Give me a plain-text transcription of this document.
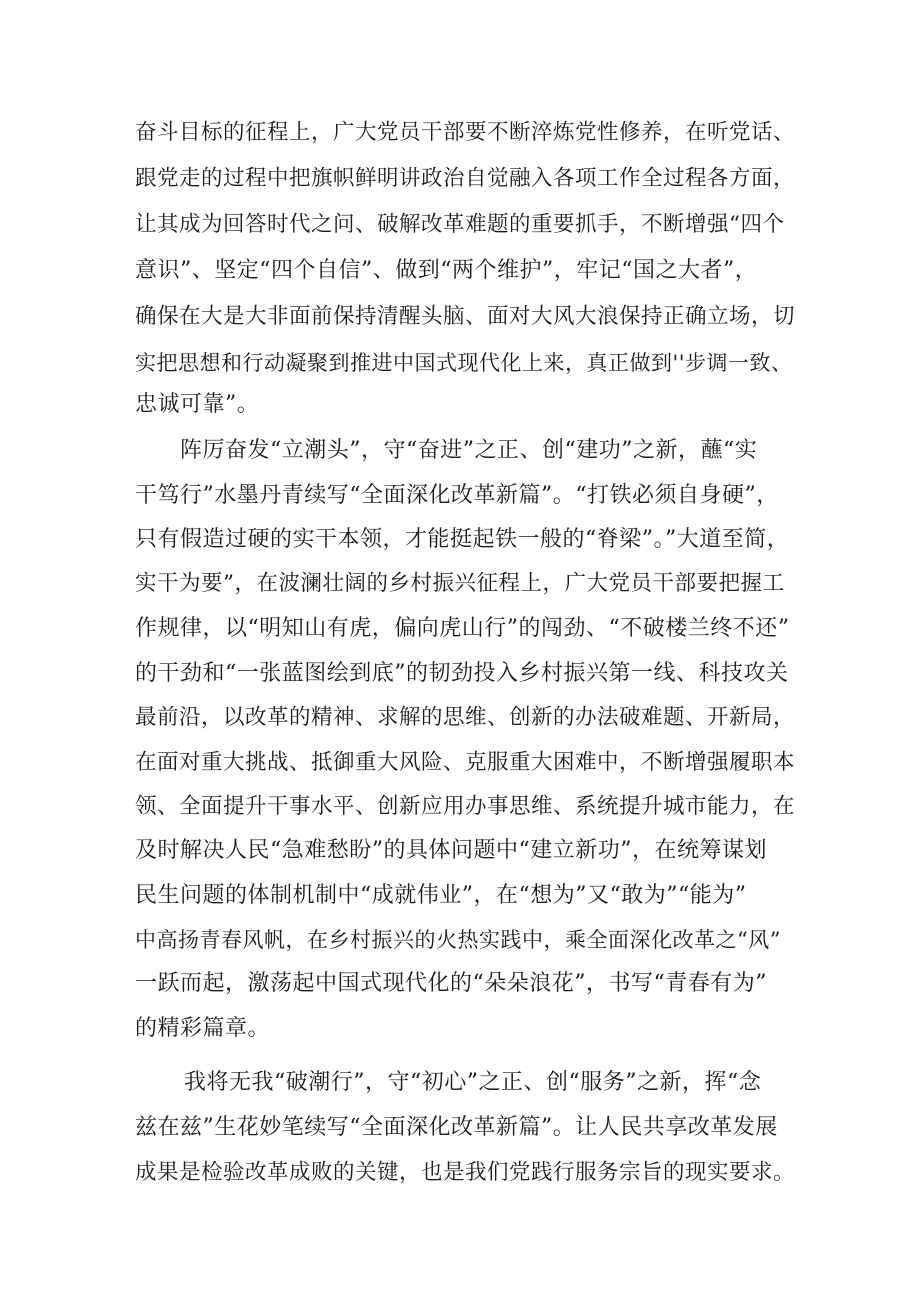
奋斗目标的征程上，广大党员干部要不断淬炼党性修养，在听党话、
跟党走的过程中把旗帜鲜明讲政治自觉融入各项工作全过程各方面，
让其成为回答时代之问、破解改革难题的重要抓手，不断增强“四个
意识”、坚定“四个自信”、做到“两个维护”，牢记“国之大者”，
确保在大是大非面前保持清醒头脑、面对大风大浪保持正确立场，切
实把思想和行动凝聚到推进中国式现代化上来，真正做到''步调一致、
忠诚可靠”。
阵厉奋发“立潮头”，守“奋进”之正、创“建功”之新，蘸“实
干笃行”水墨丹青续写“全面深化改革新篇”。“打铁必须自身硬”，
只有假造过硬的实干本领，才能挺起铁一般的“脊梁”。”大道至简，
实干为要”，在波澜壮阔的乡村振兴征程上，广大党员干部要把握工
作规律，以“明知山有虎，偏向虎山行”的闯劲、“不破楼兰终不还”
的干劲和“一张蓝图绘到底”的韧劲投入乡村振兴第一线、科技攻关
最前沿，以改革的精神、求解的思维、创新的办法破难题、开新局，
在面对重大挑战、抵御重大风险、克服重大困难中，不断增强履职本
领、全面提升干事水平、创新应用办事思维、系统提升城市能力，在
及时解决人民“急难愁盼”的具体问题中“建立新功”，在统筹谋划
民生问题的体制机制中“成就伟业”，在“想为”又“敢为”“能为”
中高扬青春风帆，在乡村振兴的火热实践中，乘全面深化改革之“风”
一跃而起，激荡起中国式现代化的“朵朵浪花”，书写“青春有为”
的精彩篇章。
我将无我“破潮行”，守“初心”之正、创“服务”之新，挥“念
兹在兹”生花妙笔续写“全面深化改革新篇”。让人民共享改革发展
成果是检验改革成败的关键，也是我们党践行服务宗旨的现实要求。
